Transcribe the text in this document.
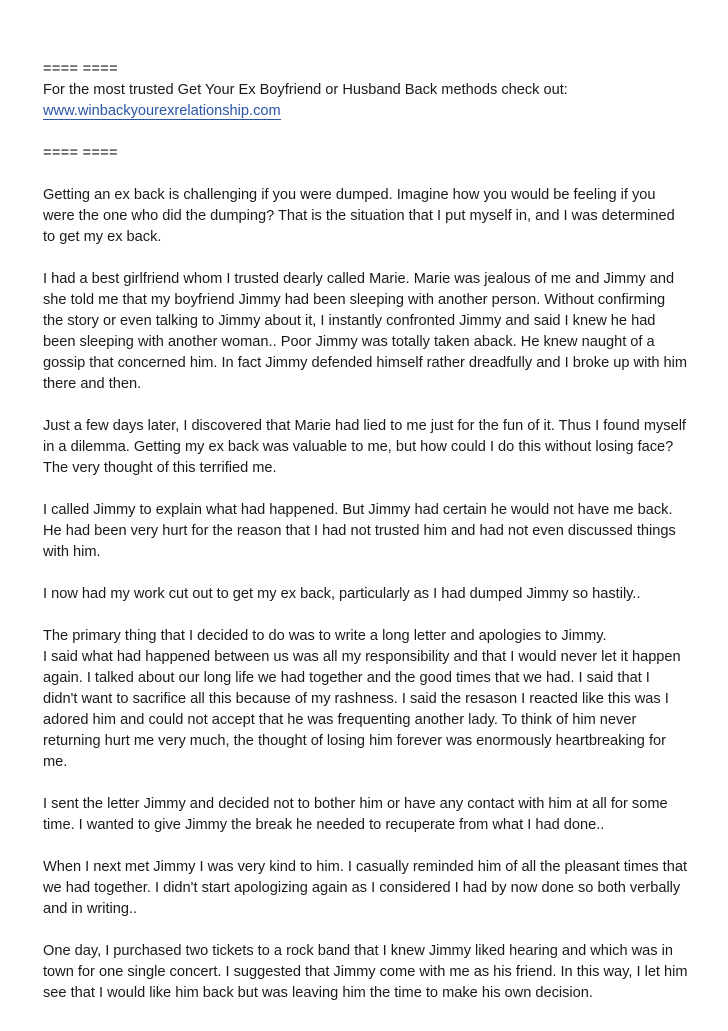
==== ====

For the most trusted Get Your Ex Boyfriend or Husband Back methods check out:
www.winbackyourexrelationship.com

==== ====

Getting an ex back is challenging if you were dumped. Imagine how you would be feeling if you were the one who did the dumping? That is the situation that I put myself in, and I was determined to get my ex back.

I had a best girlfriend whom I trusted dearly called Marie. Marie was jealous of me and Jimmy and she told me that my boyfriend Jimmy had been sleeping with another person. Without confirming the story or even talking to Jimmy about it, I instantly confronted Jimmy and said I knew he had been sleeping with another woman.. Poor Jimmy was totally taken aback. He knew naught of a gossip that concerned him. In fact Jimmy defended himself rather dreadfully and I broke up with him there and then.

Just a few days later, I discovered that Marie had lied to me just for the fun of it. Thus I found myself in a dilemma. Getting my ex back was valuable to me, but how could I do this without losing face? The very thought of this terrified me.

I called Jimmy to explain what had happened. But Jimmy had certain he would not have me back. He had been very hurt for the reason that I had not trusted him and had not even discussed things with him.

I now had my work cut out to get my ex back, particularly as I had dumped Jimmy so hastily..

The primary thing that I decided to do was to write a long letter and apologies to Jimmy.

I said what had happened between us was all my responsibility and that I would never let it happen again. I talked about our long life we had together and the good times that we had. I said that I didn't want to sacrifice all this because of my rashness. I said the resason I reacted like this was I adored him and could not accept that he was frequenting another lady. To think of him never returning hurt me very much, the thought of losing him forever was enormously heartbreaking for me.

I sent the letter Jimmy and decided not to bother him or have any contact with him at all for some time. I wanted to give Jimmy the break he needed to recuperate from what I had done..

When I next met Jimmy I was very kind to him. I casually reminded him of all the pleasant times that we had together. I didn't start apologizing again as I considered I had by now done so both verbally and in writing..

One day, I purchased two tickets to a rock band that I knew Jimmy liked hearing and which was in town for one single concert. I suggested that Jimmy come with me as his friend. In this way, I let him see that I would like him back but was leaving him the time to make his own decision.
